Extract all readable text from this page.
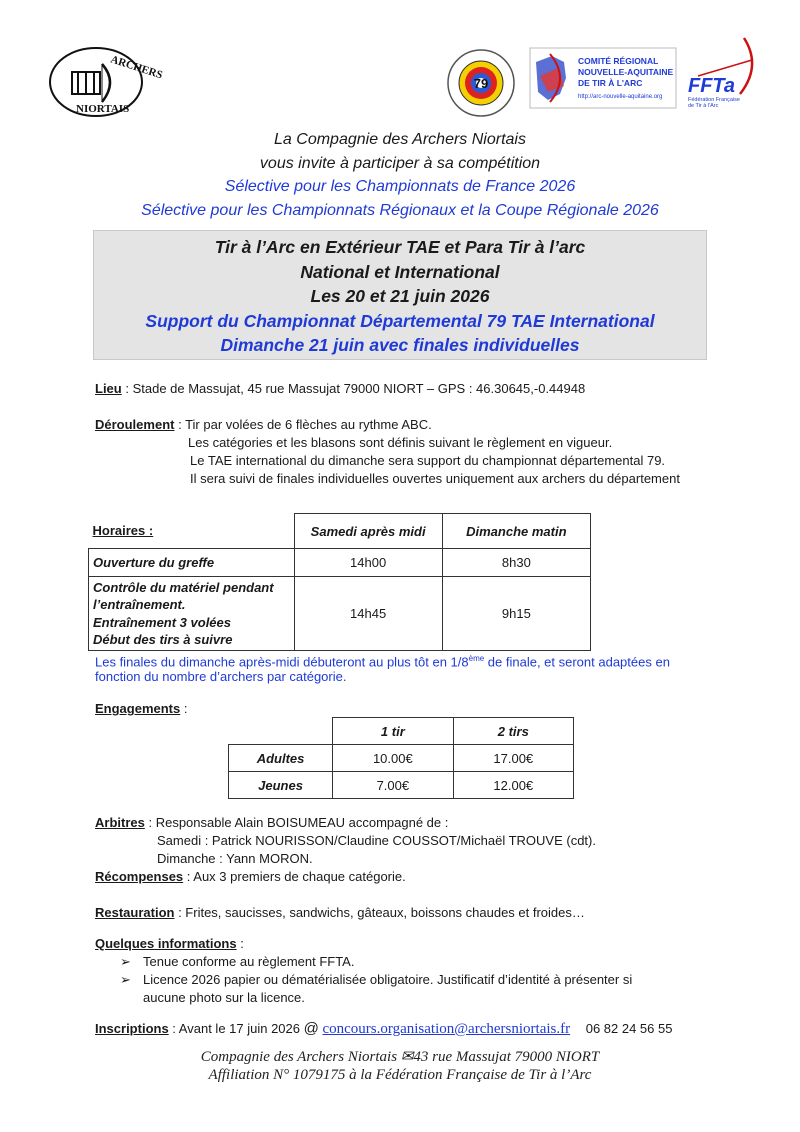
ARCHERS
NIORTAIS
79
COMITÉ RÉGIONAL
NOUVELLE-AQUITAINE
DE TIR À L'ARC
http://arc-nouvelle-aquitaine.org FFTa
Fédération Française
de Tir à l'Arc
La Compagnie des Archers Niortais
vous invite à participer à sa compétition
Sélective pour les Championnats de France 2026
Sélective pour les Championnats Régionaux et la Coupe Régionale 2026
Tir à l’Arc en Extérieur TAE et Para Tir à l’arc
National et International
Les 20 et 21 juin 2026
Support du Championnat Départemental 79 TAE International
Dimanche 21 juin avec finales individuelles
Lieu : Stade de Massujat, 45 rue Massujat 79000 NIORT – GPS : 46.30645,-0.44948
Déroulement : Tir par volées de 6 flèches au rythme ABC.
Les catégories et les blasons sont définis suivant le règlement en vigueur.
Le TAE international du dimanche sera support du championnat départemental 79.
Il sera suivi de finales individuelles ouvertes uniquement aux archers du département
Horaires :	Samedi après midi	Dimanche matin
Ouverture du greffe	14h00	8h30

Contrôle du matériel pendant
l’entraînement.
Entraînement 3 volées
Début des tirs à suivre	14h45	9h15
Les finales du dimanche après-midi débuteront au plus tôt en 1/8ème de finale, et seront adaptées en
fonction du nombre d’archers par catégorie.
Engagements :
	1 tir	2 tirs
Adultes	10.00€	17.00€
Jeunes	7.00€	12.00€
Arbitres : Responsable Alain BOISUMEAU accompagné de :
Samedi : Patrick NOURISSON/Claudine COUSSOT/Michaël TROUVE (cdt).
Dimanche : Yann MORON.
Récompenses : Aux 3 premiers de chaque catégorie.
Restauration : Frites, saucisses, sandwichs, gâteaux, boissons chaudes et froides…
Quelques informations :
➢ Tenue conforme au règlement FFTA.
➢ Licence 2026 papier ou dématérialisée obligatoire. Justificatif d’identité à présenter si
aucune photo sur la licence.
Inscriptions : Avant le 17 juin 2026 @ concours.organisation@archersniortais.fr 06 82 24 56 55
Compagnie des Archers Niortais ✉43 rue Massujat 79000 NIORT
Affiliation N° 1079175 à la Fédération Française de Tir à l’Arc
